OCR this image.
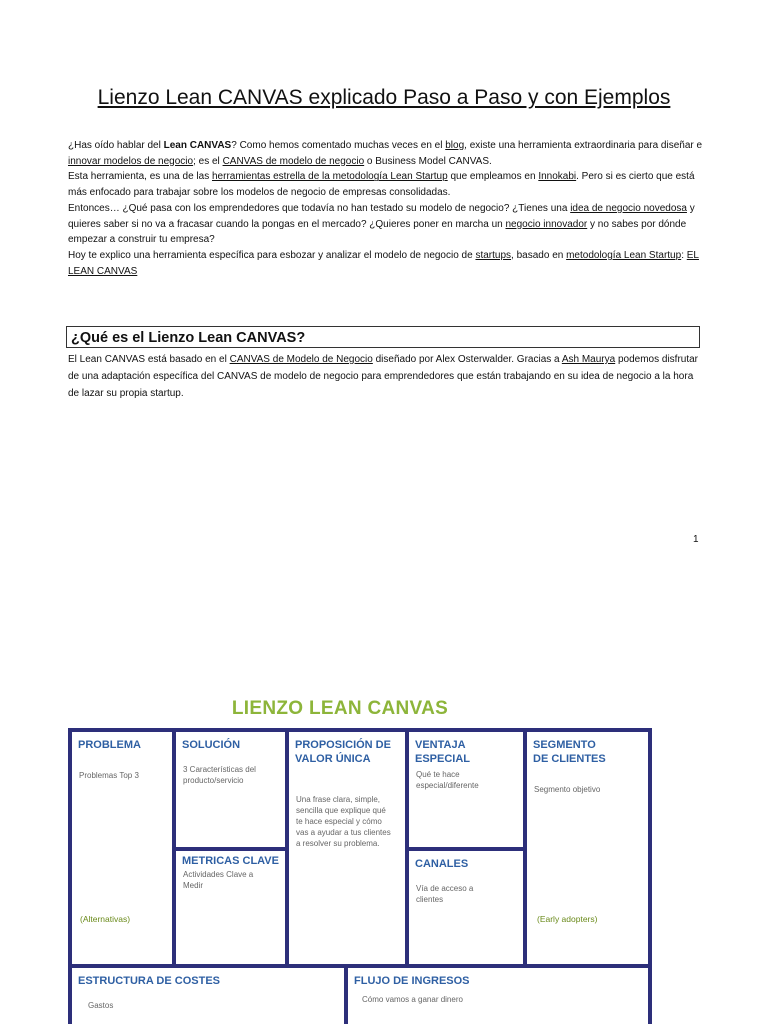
Lienzo Lean CANVAS explicado Paso a Paso y con Ejemplos

¿Has oído hablar del Lean CANVAS? Como hemos comentado muchas veces en el blog, existe una herramienta extraordinaria para diseñar e innovar modelos de negocio; es el CANVAS de modelo de negocio o Business Model CANVAS.

Esta herramienta, es una de las herramientas estrella de la metodología Lean Startup que empleamos en Innokabi. Pero si es cierto que está más enfocado para trabajar sobre los modelos de negocio de empresas consolidadas.

Entonces… ¿Qué pasa con los emprendedores que todavía no han testado su modelo de negocio? ¿Tienes una idea de negocio novedosa y quieres saber si no va a fracasar cuando la pongas en el mercado? ¿Quieres poner en marcha un negocio innovador y no sabes por dónde empezar a construir tu empresa?

Hoy te explico una herramienta específica para esbozar y analizar el modelo de negocio de startups, basado en metodología Lean Startup: EL LEAN CANVAS

¿Qué es el Lienzo Lean CANVAS?
El Lean CANVAS está basado en el CANVAS de Modelo de Negocio diseñado por Alex Osterwalder. Gracias a Ash Maurya podemos disfrutar de una adaptación específica del CANVAS de modelo de negocio para emprendedores que están trabajando en su idea de negocio a la hora de lazar su propia startup.
1
LIENZO LEAN CANVAS
PROBLEMA
Problemas Top 3
(Alternativas)
SOLUCIÓN
3 Características del producto/servicio
METRICAS CLAVE
Actividades Clave a Medir
PROPOSICIÓN DE VALOR ÚNICA
Una frase clara, simple, sencilla que explique qué te hace especial y cómo vas a ayudar a tus clientes a resolver su problema.
VENTAJA ESPECIAL
Qué te hace especial/diferente
CANALES
Vía de acceso a clientes
SEGMENTO DE CLIENTES
Segmento objetivo
(Early adopters)
ESTRUCTURA DE COSTES
Gastos
FLUJO DE INGRESOS
Cómo vamos a ganar dinero
